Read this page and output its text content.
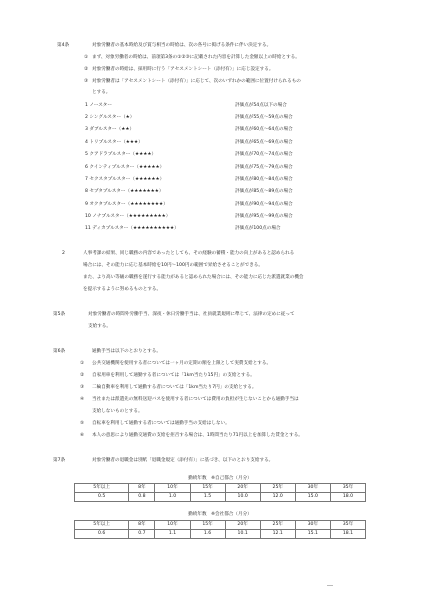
第4条	対象労働者の基本時給及び賞与相当の時給は、次の各号に掲げる条件に伴い決定する。
① まず、対象労働者の時給は、前項第3条の①②③に記載された内容を計算した金額以上の時給とする。
② 対象労働者の時給は、採用時に行う「アセスメントシート（添付有）」に応じ設定する。
③ 対象労働者は「アセスメントシート（添付有）」に応じて、次のいずれかの範囲に位置付けられるもの
とする。
1 ノースター	評価点が54点以下の場合
2 シングルスター（★）	評価点が55点～59点の場合
3 ダブルスター（★★）	評価点が60点～64点の場合
4 トリプルスター（★★★）	評価点が65点～69点の場合
5 クアドラプルスター（★★★★）	評価点が70点～74点の場合
6 クインティプルスター（★★★★★）	評価点が75点～79点の場合
7 セクスタプルスター（★★★★★★）	評価点が80点～84点の場合
8 セプタプルスター（★★★★★★★）	評価点が85点～89点の場合
9 オクタプルスター（★★★★★★★★）	評価点が90点～94点の場合
10 ノナプルスター（★★★★★★★★★）	評価点が95点～99点の場合
11 ディカプルスター（★★★★★★★★★★）	評価点が100点の場合
2	人事考課の結果、同じ職務の内容であったとしても、その経験の蓄積・能力の向上があると認められる
場合には、その能力に応じ基本時給を10円～100円の範囲で昇給させることができる。
また、より高い等級の職務を遂行する能力があると認められた場合には、その能力に応じた派遣就業の機会
を提示するように努めるものとする。
第5条	対象労働者の時間外労働手当、深夜・休日労働手当は、社員就業規則に準じて、法律の定めに従って
支給する。
第6条	通勤手当は以下のとおりとする。
① 公共交通機関を使用する者については一ヶ月の定期の額を上限として実費支給とする。
② 自家用車を利用して通勤する者については「1km当たり15円」の支給とする。
③ 二輪自動車を利用して通勤する者については「1km当たり7円」の支給とする。
④ 当社または派遣先の無料送迎バスを使用する者については費用の負担が生じないことから通勤手当は
支給しないものとする。
⑤ 自転車を利用して通勤する者については通勤手当の支給はしない。
⑥ 本人の意思により通勤交通費の支給を拒否する場合は、1時間当たり71円以上を加算した賃金とする。
第7条	対象労働者の退職金は別紙「退職金規定（添付有）」に基づき、以下のとおり支給する。
勤続年数　※自己都合（月分）
5年以上	8年	10年	15年	20年	25年	30年	35年
0.5	0.8	1.0	1.5	10.0	12.0	15.0	18.0
勤続年数　※会社都合（月分）
5年以上	8年	10年	15年	20年	25年	30年	35年
0.6	0.7	1.1	1.6	10.1	12.1	15.1	18.1
